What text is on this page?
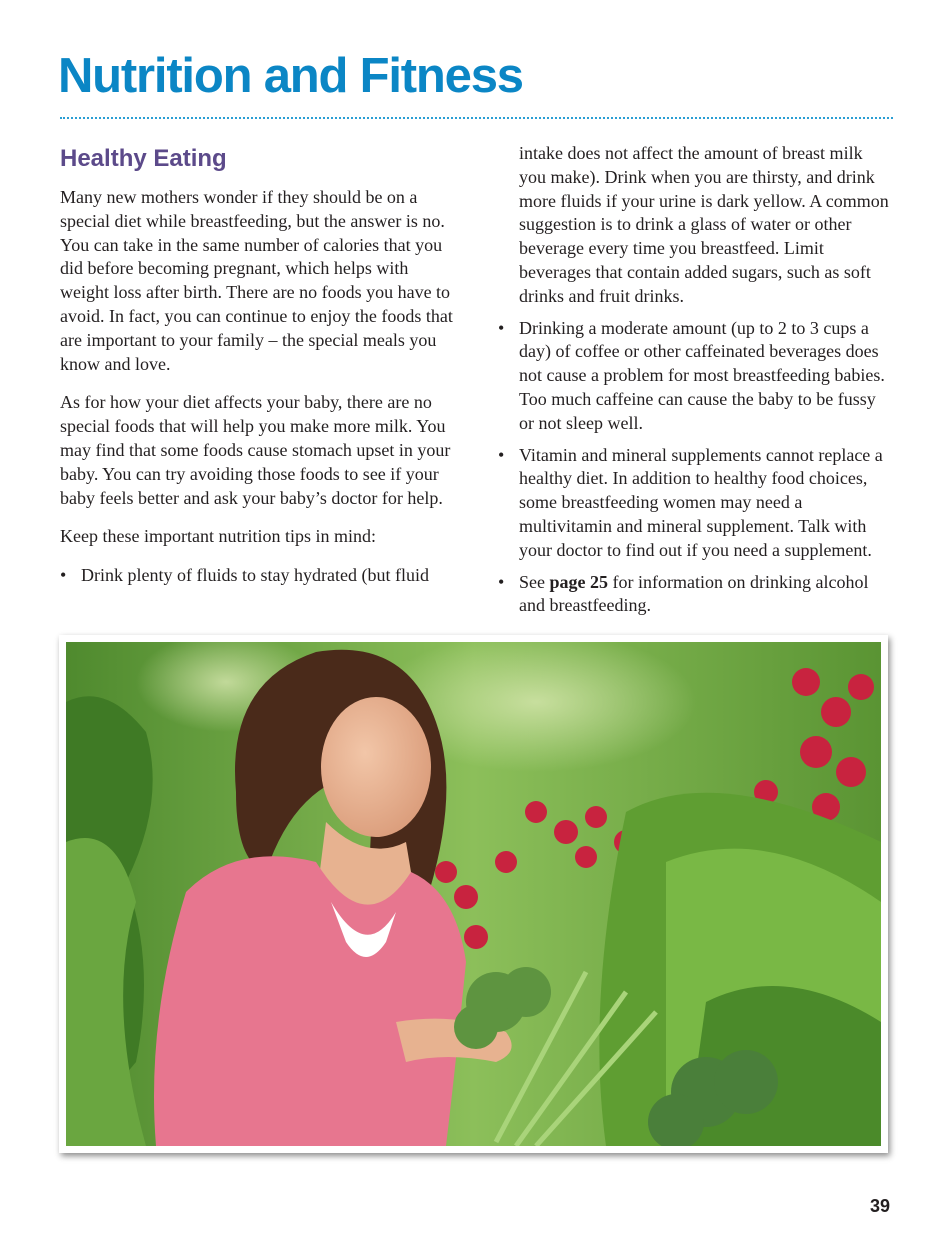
Nutrition and Fitness
Healthy Eating

Many new mothers wonder if they should be on a special diet while breastfeeding, but the answer is no. You can take in the same number of calories that you did before becoming pregnant, which helps with weight loss after birth. There are no foods you have to avoid. In fact, you can continue to enjoy the foods that are important to your family – the special meals you know and love.

As for how your diet affects your baby, there are no special foods that will help you make more milk. You may find that some foods cause stomach upset in your baby. You can try avoiding those foods to see if your baby feels better and ask your baby’s doctor for help.

Keep these important nutrition tips in mind:

• Drink plenty of fluids to stay hydrated (but fluid

intake does not affect the amount of breast milk you make). Drink when you are thirsty, and drink more fluids if your urine is dark yellow. A common suggestion is to drink a glass of water or other beverage every time you breastfeed. Limit beverages that contain added sugars, such as soft drinks and fruit drinks.

• Drinking a moderate amount (up to 2 to 3 cups a day) of coffee or other caffeinated beverages does not cause a problem for most breastfeeding babies. Too much caffeine can cause the baby to be fussy or not sleep well.
• Vitamin and mineral supplements cannot replace a healthy diet. In addition to healthy food choices, some breastfeeding women may need a multivitamin and mineral supplement. Talk with your doctor to find out if you need a supplement.
• See page 25 for information on drinking alcohol and breastfeeding.
39
